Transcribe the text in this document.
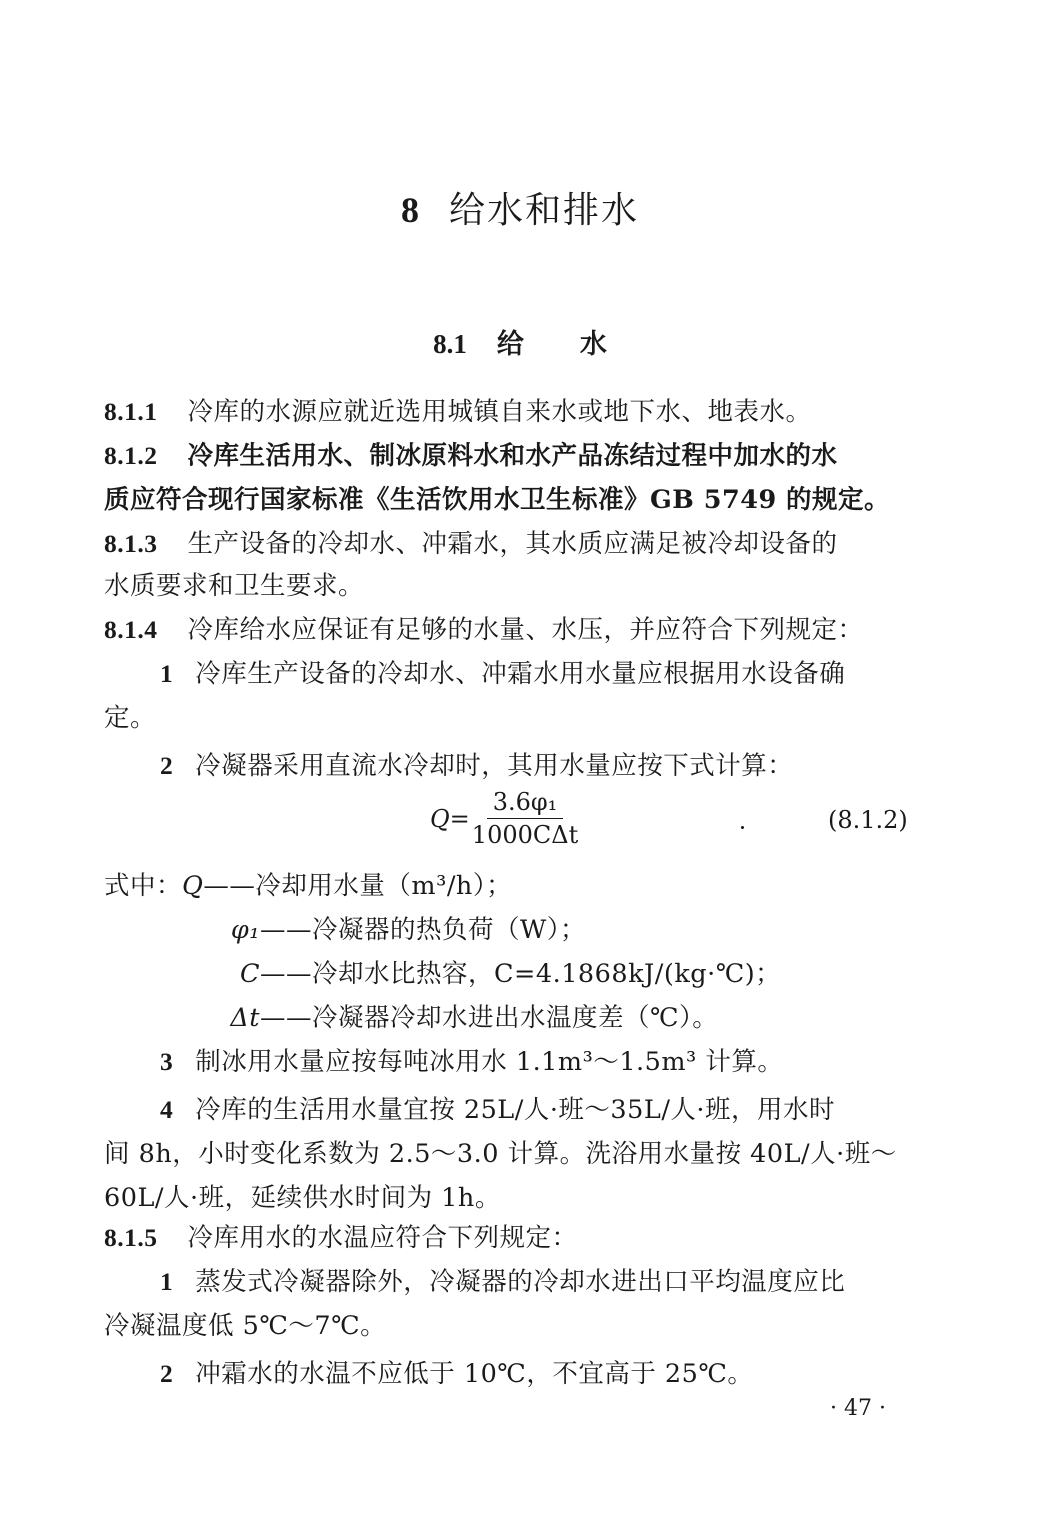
8 给水和排水
8.1 给 水
8.1.1 冷库的水源应就近选用城镇自来水或地下水、地表水。
8.1.2 冷库生活用水、制冰原料水和水产品冻结过程中加水的水
质应符合现行国家标准《生活饮用水卫生标准》GB 5749 的规定。
8.1.3 生产设备的冷却水、冲霜水，其水质应满足被冷却设备的
水质要求和卫生要求。
8.1.4 冷库给水应保证有足够的水量、水压，并应符合下列规定：
1 冷库生产设备的冷却水、冲霜水用水量应根据用水设备确
定。
2 冷凝器采用直流水冷却时，其用水量应按下式计算：
$Q= \frac{\text{3.6φ₁}}{\text{1000CΔt}}$	(8.1.2)
式中：Q——冷却用水量（m³/h）；
φ₁——冷凝器的热负荷（W）；
C——冷却水比热容，C=4.1868kJ/(kg·℃)；
Δt——冷凝器冷却水进出水温度差（℃）。
3 制冰用水量应按每吨冰用水 1.1m³～1.5m³ 计算。
4 冷库的生活用水量宜按 25L/人·班～35L/人·班，用水时
间 8h，小时变化系数为 2.5～3.0 计算。洗浴用水量按 40L/人·班～
60L/人·班，延续供水时间为 1h。
8.1.5 冷库用水的水温应符合下列规定：
1 蒸发式冷凝器除外，冷凝器的冷却水进出口平均温度应比
冷凝温度低 5℃～7℃。
2 冲霜水的水温不应低于 10℃，不宜高于 25℃。
· 47 ·
